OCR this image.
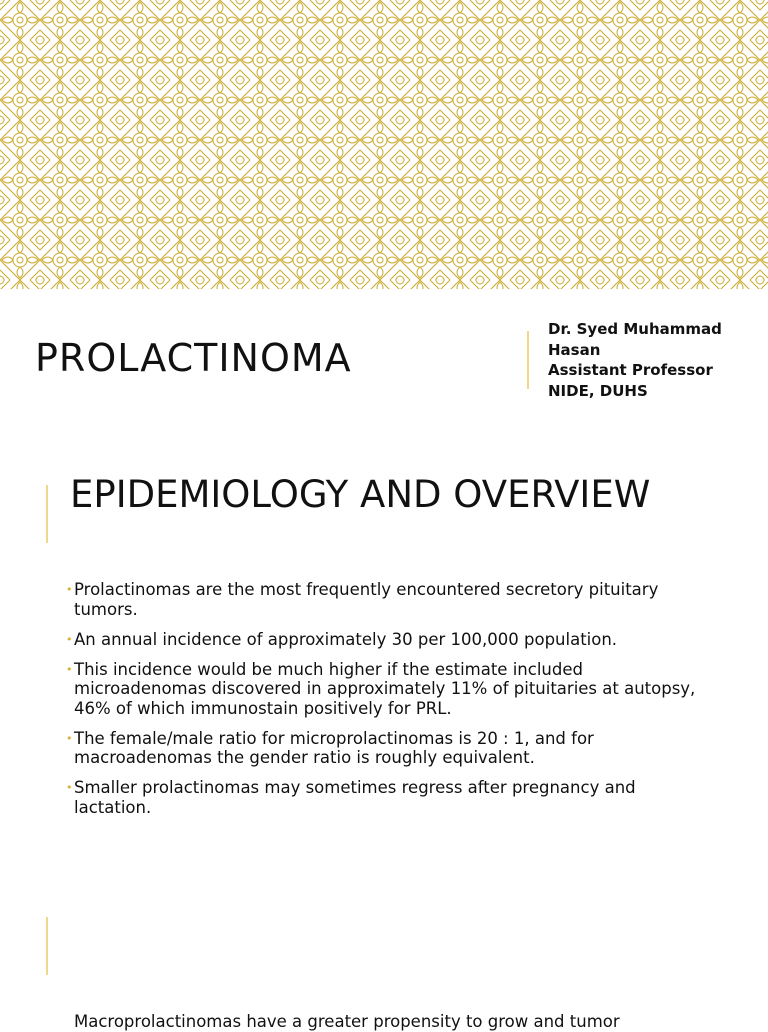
PROLACTINOMA
Dr. Syed Muhammad
Hasan
Assistant Professor
NIDE, DUHS
EPIDEMIOLOGY AND OVERVIEW
• Prolactinomas are the most frequently encountered secretory pituitary tumors.
• An annual incidence of approximately 30 per 100,000 population.
• This incidence would be much higher if the estimate included microadenomas discovered in approximately 11% of pituitaries at autopsy, 46% of which immunostain positively for PRL.
• The female/male ratio for microprolactinomas is 20 : 1, and for macroadenomas the gender ratio is roughly equivalent.
• Smaller prolactinomas may sometimes regress after pregnancy and lactation.
Macroprolactinomas have a greater propensity to grow and tumor
